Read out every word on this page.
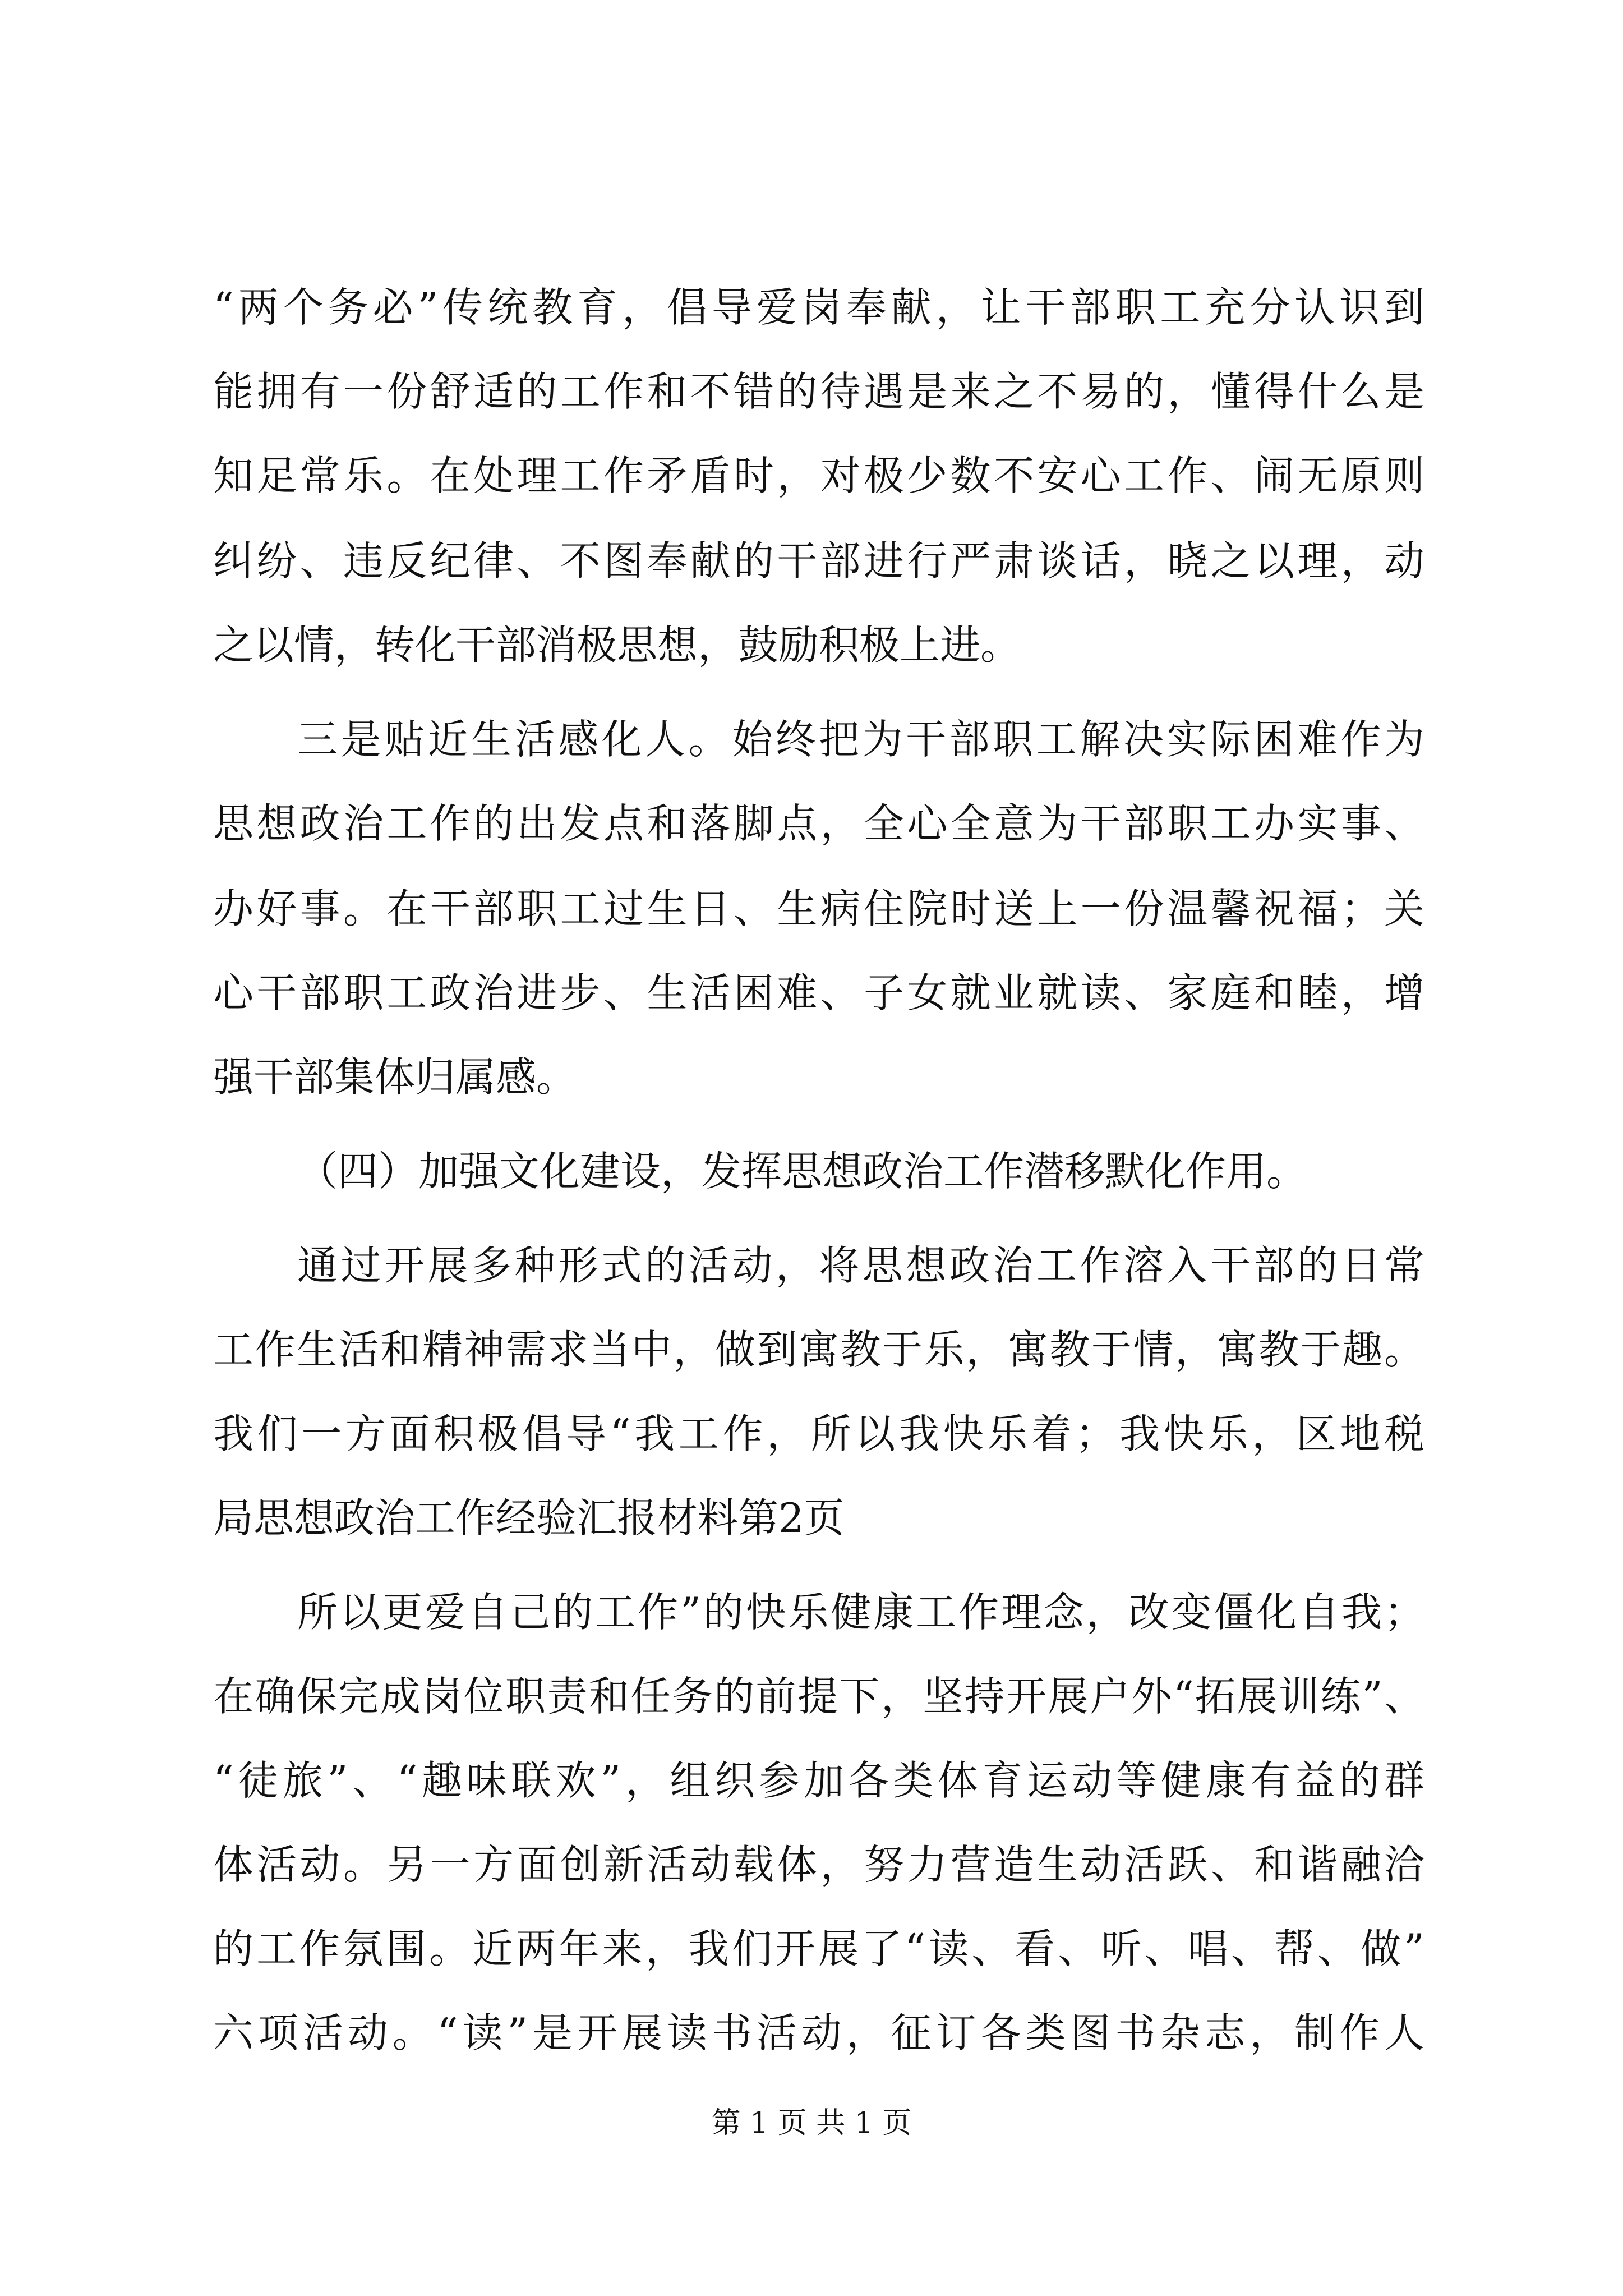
“两个务必”传统教育，倡导爱岗奉献，让干部职工充分认识到
能拥有一份舒适的工作和不错的待遇是来之不易的，懂得什么是
知足常乐。在处理工作矛盾时，对极少数不安心工作、闹无原则
纠纷、违反纪律、不图奉献的干部进行严肃谈话，晓之以理，动
之以情，转化干部消极思想，鼓励积极上进。
三是贴近生活感化人。始终把为干部职工解决实际困难作为
思想政治工作的出发点和落脚点，全心全意为干部职工办实事、
办好事。在干部职工过生日、生病住院时送上一份温馨祝福；关
心干部职工政治进步、生活困难、子女就业就读、家庭和睦，增
强干部集体归属感。
（四）加强文化建设，发挥思想政治工作潜移默化作用。
通过开展多种形式的活动，将思想政治工作溶入干部的日常
工作生活和精神需求当中，做到寓教于乐，寓教于情，寓教于趣。
我们一方面积极倡导“我工作，所以我快乐着；我快乐，区地税
局思想政治工作经验汇报材料第2页
所以更爱自己的工作”的快乐健康工作理念，改变僵化自我；
在确保完成岗位职责和任务的前提下，坚持开展户外“拓展训练”、
“徒旅”、“趣味联欢”，组织参加各类体育运动等健康有益的群
体活动。另一方面创新活动载体，努力营造生动活跃、和谐融洽
的工作氛围。近两年来，我们开展了“读、看、听、唱、帮、做”
六项活动。“读”是开展读书活动，征订各类图书杂志，制作人
第 1 页 共 1 页
